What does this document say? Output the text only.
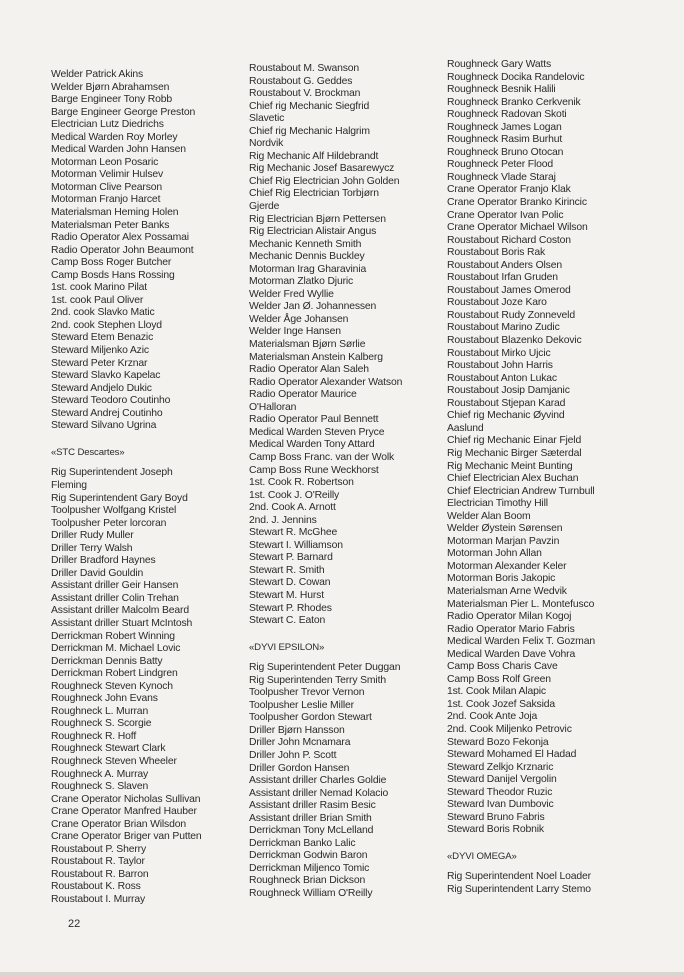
Welder Patrick Akins
Welder Bjørn Abrahamsen
Barge Engineer Tony Robb
Barge Engineer George Preston
Electrician Lutz Diedrichs
Medical Warden Roy Morley
Medical Warden John Hansen
Motorman Leon Posaric
Motorman Velimir Hulsev
Motorman Clive Pearson
Motorman Franjo Harcet
Materialsman Heming Holen
Materialsman Peter Banks
Radio Operator Alex Possamai
Radio Operator John Beaumont
Camp Boss Roger Butcher
Camp Bosds Hans Rossing
1st. cook Marino Pilat
1st. cook Paul Oliver
2nd. cook Slavko Matic
2nd. cook Stephen Lloyd
Steward Etem Benazic
Steward Miljenko Azic
Steward Peter Krznar
Steward Slavko Kapelac
Steward Andjelo Dukic
Steward Teodoro Coutinho
Steward Andrej Coutinho
Steward Silvano Ugrina
«STC Descartes»
Rig Superintendent Joseph
Fleming
Rig Superintendent Gary Boyd
Toolpusher Wolfgang Kristel
Toolpusher Peter lorcoran
Driller Rudy Muller
Driller Terry Walsh
Driller Bradford Haynes
Driller David Gouldin
Assistant driller Geir Hansen
Assistant driller Colin Trehan
Assistant driller Malcolm Beard
Assistant driller Stuart McIntosh
Derrickman Robert Winning
Derrickman M. Michael Lovic
Derrickman Dennis Batty
Derrickman Robert Lindgren
Roughneck Steven Kynoch
Roughneck John Evans
Roughneck L. Murran
Roughneck S. Scorgie
Roughneck R. Hoff
Roughneck Stewart Clark
Roughneck Steven Wheeler
Roughneck A. Murray
Roughneck S. Slaven
Crane Operator Nicholas Sullivan
Crane Operator Manfred Hauber
Crane Operator Brian Wilsdon
Crane Operator Briger van Putten
Roustabout P. Sherry
Roustabout R. Taylor
Roustabout R. Barron
Roustabout K. Ross
Roustabout I. Murray
Roustabout M. Swanson
Roustabout G. Geddes
Roustabout V. Brockman
Chief rig Mechanic Siegfrid
Slavetic
Chief rig Mechanic Halgrim
Nordvik
Rig Mechanic Alf Hildebrandt
Rig Mechanic Josef Basarewycz
Chief Rig Electrician John Golden
Chief Rig Electrician Torbjørn
Gjerde
Rig Electrician Bjørn Pettersen
Rig Electrician Alistair Angus
Mechanic Kenneth Smith
Mechanic Dennis Buckley
Motorman Irag Gharavinia
Motorman Zlatko Djuric
Welder Fred Wyllie
Welder Jan Ø. Johannessen
Welder Åge Johansen
Welder Inge Hansen
Materialsman Bjørn Sørlie
Materialsman Anstein Kalberg
Radio Operator Alan Saleh
Radio Operator Alexander Watson
Radio Operator Maurice
O'Halloran
Radio Operator Paul Bennett
Medical Warden Steven Pryce
Medical Warden Tony Attard
Camp Boss Franc. van der Wolk
Camp Boss Rune Weckhorst
1st. Cook R. Robertson
1st. Cook J. O'Reilly
2nd. Cook A. Arnott
2nd. J. Jennins
Stewart R. McGhee
Stewart I. Williamson
Stewart P. Barnard
Stewart R. Smith
Stewart D. Cowan
Stewart M. Hurst
Stewart P. Rhodes
Stewart C. Eaton
«DYVI EPSILON»
Rig Superintendent Peter Duggan
Rig Superintenden Terry Smith
Toolpusher Trevor Vernon
Toolpusher Leslie Miller
Toolpusher Gordon Stewart
Driller Bjørn Hansson
Driller John Mcnamara
Driller John P. Scott
Driller Gordon Hansen
Assistant driller Charles Goldie
Assistant driller Nemad Kolacio
Assistant driller Rasim Besic
Assistant driller Brian Smith
Derrickman Tony McLelland
Derrickman Banko Lalic
Derrickman Godwin Baron
Derrickman Miljenco Tomic
Roughneck Brian Dickson
Roughneck William O'Reilly
Roughneck Gary Watts
Roughneck Docika Randelovic
Roughneck Besnik Halili
Roughneck Branko Cerkvenik
Roughneck Radovan Skoti
Roughneck James Logan
Roughneck Rasim Burhut
Roughneck Bruno Otocan
Roughneck Peter Flood
Roughneck Vlade Staraj
Crane Operator Franjo Klak
Crane Operator Branko Kirincic
Crane Operator Ivan Polic
Crane Operator Michael Wilson
Roustabout Richard Coston
Roustabout Boris Rak
Roustabout Anders Olsen
Roustabout Irfan Gruden
Roustabout James Omerod
Roustabout Joze Karo
Roustabout Rudy Zonneveld
Roustabout Marino Zudic
Roustabout Blazenko Dekovic
Roustabout Mirko Ujcic
Roustabout John Harris
Roustabout Anton Lukac
Roustabout Josip Damjanic
Roustabout Stjepan Karad
Chief rig Mechanic Øyvind
Aaslund
Chief rig Mechanic Einar Fjeld
Rig Mechanic Birger Sæterdal
Rig Mechanic Meint Bunting
Chief Electrician Alex Buchan
Chief Electrician Andrew Turnbull
Electrician Timothy Hill
Welder Alan Boom
Welder Øystein Sørensen
Motorman Marjan Pavzin
Motorman John Allan
Motorman Alexander Keler
Motorman Boris Jakopic
Materialsman Arne Wedvik
Materialsman Pier L. Montefusco
Radio Operator Milan Kogoj
Radio Operator Mario Fabris
Medical Warden Felix T. Gozman
Medical Warden Dave Vohra
Camp Boss Charis Cave
Camp Boss Rolf Green
1st. Cook Milan Alapic
1st. Cook Jozef Saksida
2nd. Cook Ante Joja
2nd. Cook Miljenko Petrovic
Steward Bozo Fekonja
Steward Mohamed El Hadad
Steward Zelkjo Krznaric
Steward Danijel Vergolin
Steward Theodor Ruzic
Steward Ivan Dumbovic
Steward Bruno Fabris
Steward Boris Robnik
«DYVI OMEGA»
Rig Superintendent Noel Loader
Rig Superintendent Larry Stemo
22
